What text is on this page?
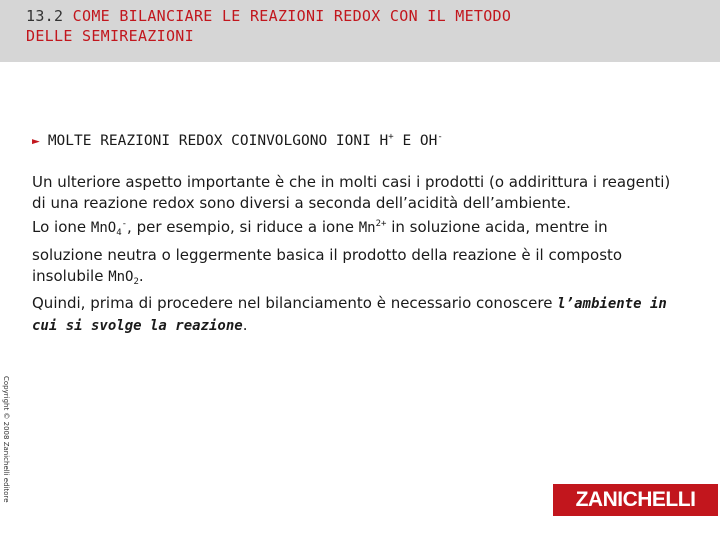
13.2 COME BILANCIARE LE REAZIONI REDOX CON IL METODO
DELLE SEMIREAZIONI
► MOLTE REAZIONI REDOX COINVOLGONO IONI H+ E OH-

Un ulteriore aspetto importante è che in molti casi i prodotti (o addirittura i reagenti) di una reazione redox sono diversi a seconda dell’acidità dell’ambiente.

Lo ione MnO$_4$-, per esempio, si riduce a ione $Mn^{2+}$ in soluzione acida, mentre in soluzione neutra o leggermente basica il prodotto della reazione è il composto insolubile MnO$_2$.

Quindi, prima di procedere nel bilanciamento è necessario conoscere l’ambiente in cui si svolge la reazione.

Copyright © 2008 Zanichelli editore	ZANICHELLI
